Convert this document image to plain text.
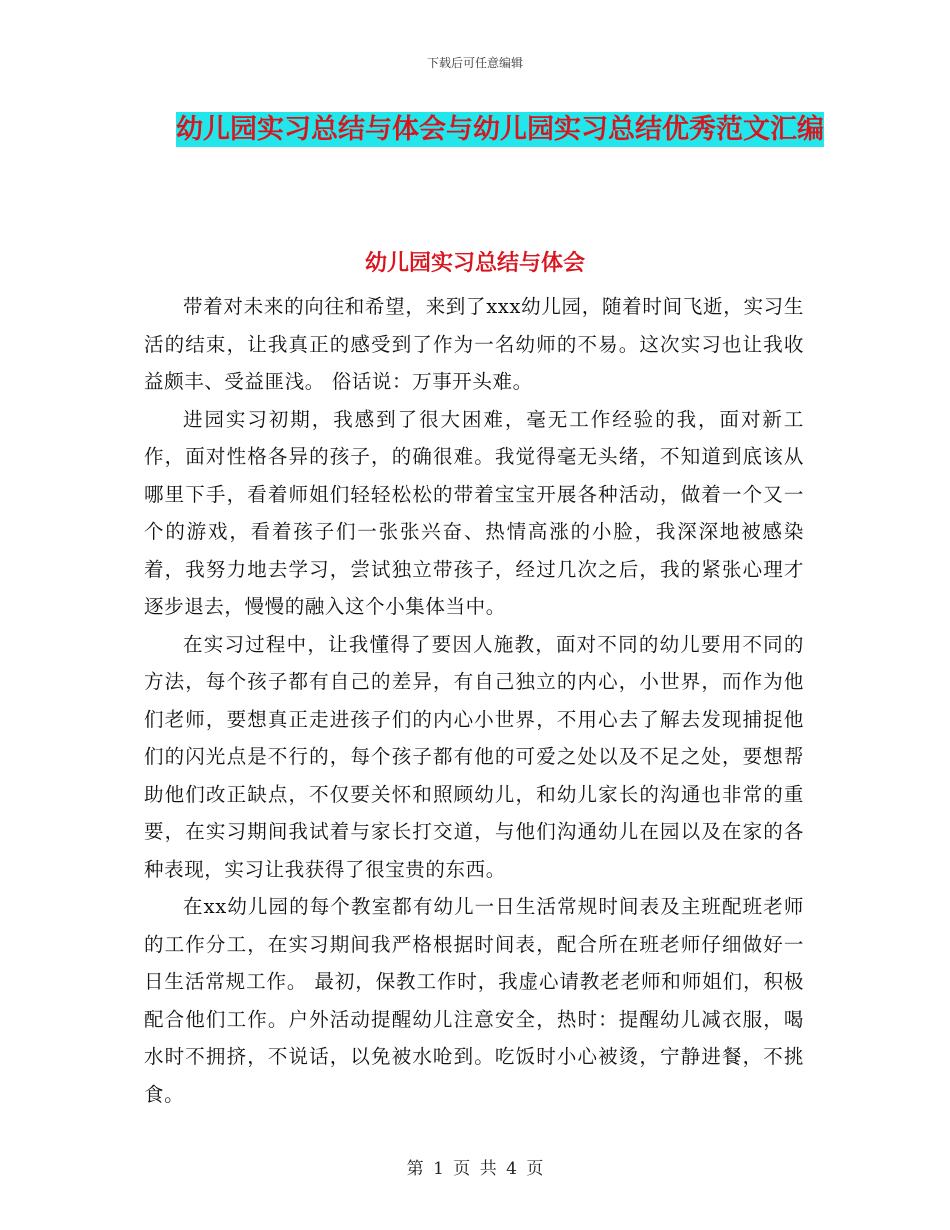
下载后可任意编辑
幼儿园实习总结与体会与幼儿园实习总结优秀范文汇编
幼儿园实习总结与体会

带着对未来的向往和希望，来到了xxx幼儿园，随着时间飞逝，实习生活的结束，让我真正的感受到了作为一名幼师的不易。这次实习也让我收益颇丰、受益匪浅。 俗话说：万事开头难。

进园实习初期，我感到了很大困难，毫无工作经验的我，面对新工作，面对性格各异的孩子，的确很难。我觉得毫无头绪，不知道到底该从哪里下手，看着师姐们轻轻松松的带着宝宝开展各种活动，做着一个又一个的游戏，看着孩子们一张张兴奋、热情高涨的小脸，我深深地被感染着，我努力地去学习，尝试独立带孩子，经过几次之后，我的紧张心理才逐步退去，慢慢的融入这个小集体当中。

在实习过程中，让我懂得了要因人施教，面对不同的幼儿要用不同的方法，每个孩子都有自己的差异，有自己独立的内心，小世界，而作为他们老师，要想真正走进孩子们的内心小世界，不用心去了解去发现捕捉他们的闪光点是不行的，每个孩子都有他的可爱之处以及不足之处，要想帮助他们改正缺点，不仅要关怀和照顾幼儿，和幼儿家长的沟通也非常的重要，在实习期间我试着与家长打交道，与他们沟通幼儿在园以及在家的各种表现，实习让我获得了很宝贵的东西。

在xx幼儿园的每个教室都有幼儿一日生活常规时间表及主班配班老师的工作分工，在实习期间我严格根据时间表，配合所在班老师仔细做好一日生活常规工作。 最初，保教工作时，我虚心请教老老师和师姐们，积极配合他们工作。户外活动提醒幼儿注意安全，热时：提醒幼儿减衣服，喝水时不拥挤，不说话，以免被水呛到。吃饭时小心被烫，宁静进餐，不挑食。

第 1 页 共 4 页
